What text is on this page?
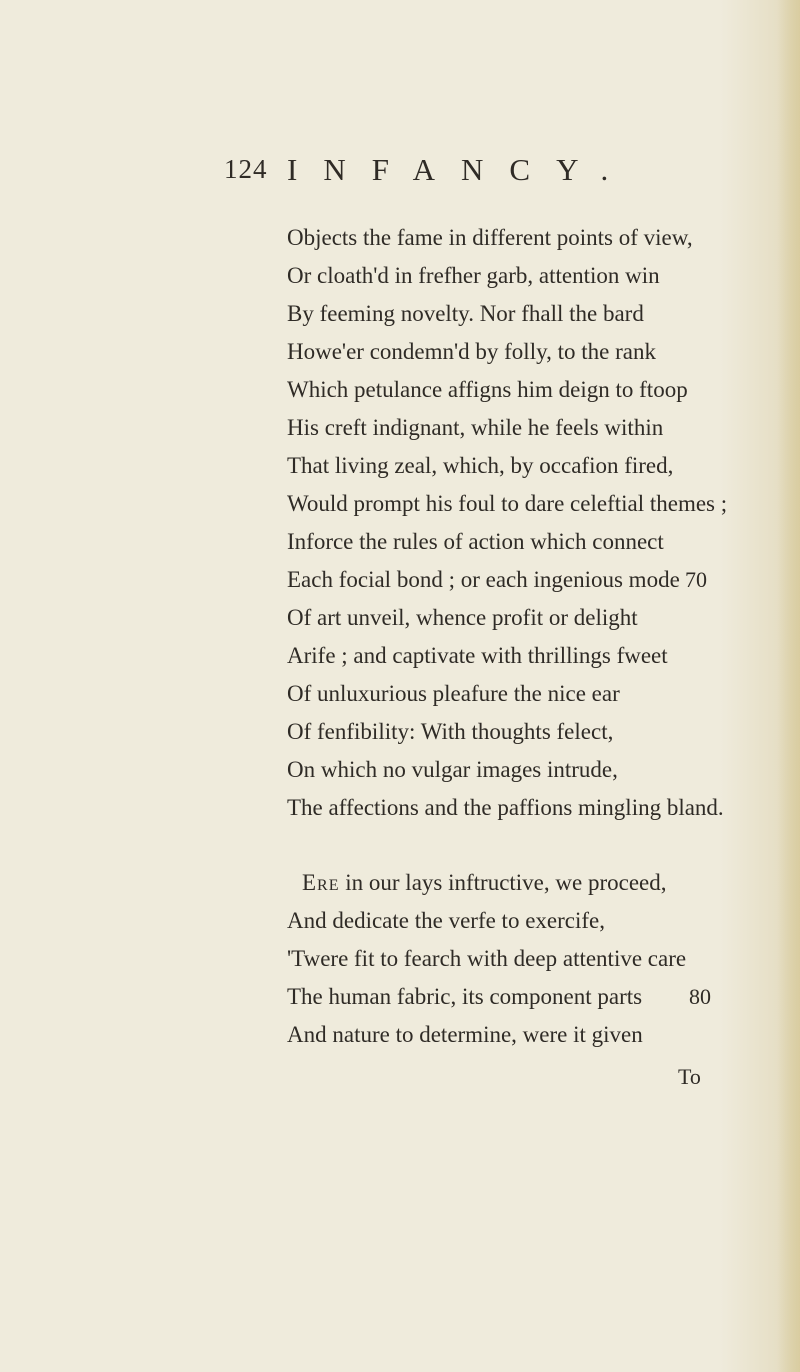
124 INFANCY.
Objects the fame in different points of view,
Or cloath'd in frefher garb, attention win
By feeming novelty. Nor fhall the bard
Howe'er condemn'd by folly, to the rank
Which petulance affigns him deign to ftoop
His creft indignant, while he feels within
That living zeal, which, by occafion fired,
Would prompt his foul to dare celeftial themes ;
Inforce the rules of action which connect
Each focial bond ; or each ingenious mode
Of art unveil, whence profit or delight
Arife ; and captivate with thrillings fweet
Of unluxurious pleafure the nice ear
Of fenfibility: With thoughts felect,
On which no vulgar images intrude,
The affections and the paffions mingling bland.
Ere in our lays inftructive, we proceed,
And dedicate the verfe to exercife,
'Twere fit to fearch with deep attentive care
The human fabric, its component parts
And nature to determine, were it given
70
80
To
